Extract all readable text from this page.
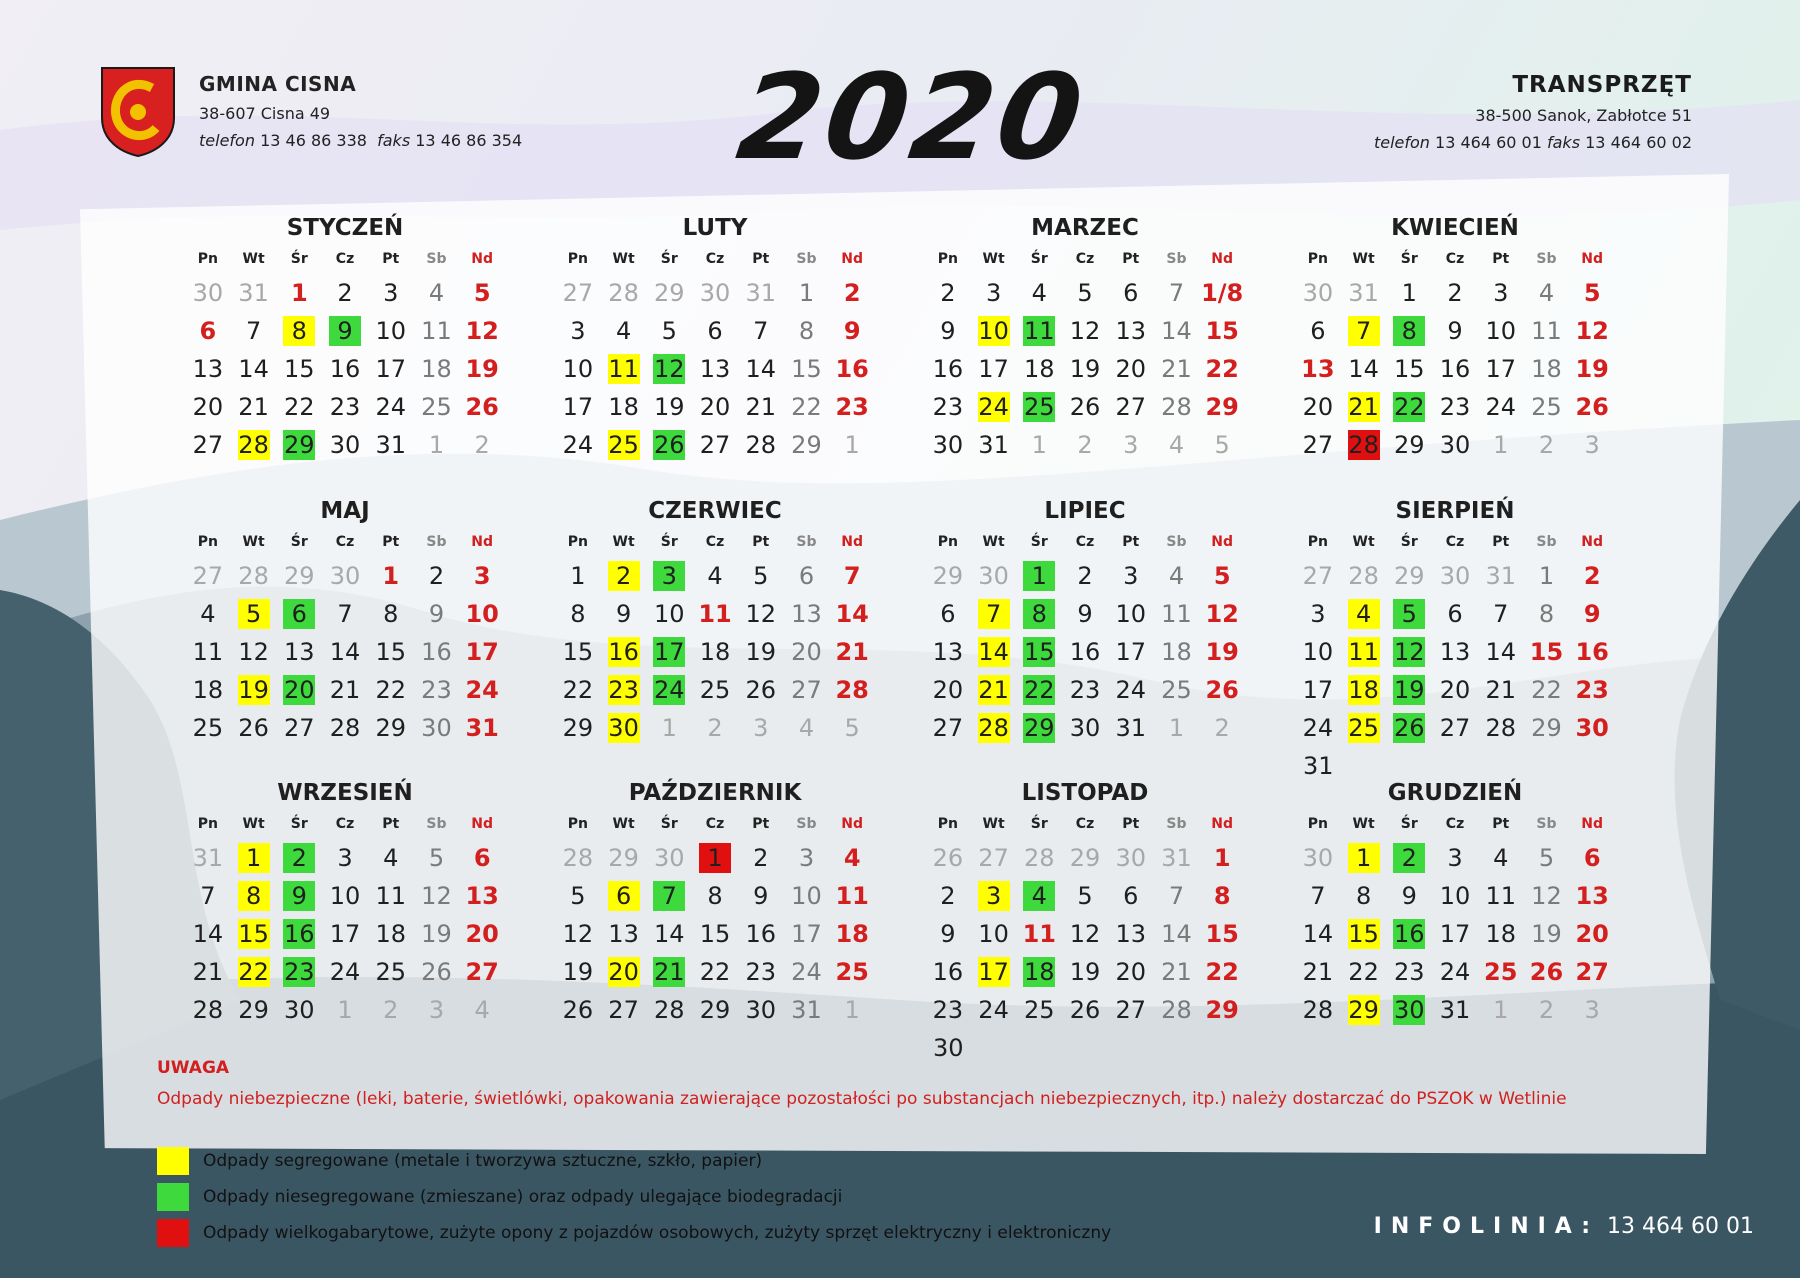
GMINA CISNA
38-607 Cisna 49
telefon 13 46 86 338 faks 13 46 86 354 2020	TRANSPRZĘT
38-500 Sanok, Zabłotce 51
telefon 13 464 60 01 faks 13 464 60 02
STYCZEŃ
Pn	Wt	Śr	Cz	Pt	Sb	Nd
30 31 1	2	3	4	5
6	7	8	9 10 11 12
13 14 15 16 17 18 19
20 21 22 23 24 25 26
27 28 29 30 31 1	2
LUTY
Pn	Wt	Śr	Cz	Pt	Sb	Nd
27 28 29 30 31 1	2
3	4	5	6	7	8	9
10 11 12 13 14 15 16
17 18 19 20 21 22 23
24 25 26 27 28 29 1
MARZEC
Pn	Wt	Śr	Cz	Pt	Sb	Nd
2	3	4	5	6	7 1/8
9 10 11 12 13 14 15
16 17 18 19 20 21 22
23 24 25 26 27 28 29
30 31 1	2	3	4	5
KWIECIEŃ
Pn	Wt	Śr	Cz	Pt	Sb	Nd
30 31 1	2	3	4	5
6	7	8	9 10 11 12
13 14 15 16 17 18 19
20 21 22 23 24 25 26
27 28 29 30 1	2	3
MAJ
Pn	Wt	Śr	Cz	Pt	Sb	Nd
27 28 29 30 1	2	3
4	5	6	7	8	9 10
11 12 13 14 15 16 17
18 19 20 21 22 23 24
25 26 27 28 29 30 31
CZERWIEC
Pn	Wt	Śr	Cz	Pt	Sb	Nd
1	2	3	4	5	6	7
8	9 10 11 12 13 14
15 16 17 18 19 20 21
22 23 24 25 26 27 28
29 30 1	2	3	4	5
LIPIEC
Pn	Wt	Śr	Cz	Pt	Sb	Nd
29 30 1	2	3	4	5
6	7	8	9 10 11 12
13 14 15 16 17 18 19
20 21 22 23 24 25 26
27 28 29 30 31 1	2
SIERPIEŃ
Pn	Wt	Śr	Cz	Pt	Sb	Nd
27 28 29 30 31 1	2
3	4	5	6	7	8	9
10 11 12 13 14 15 16
17 18 19 20 21 22 23
24 25 26 27 28 29 30
31
WRZESIEŃ
Pn	Wt	Śr	Cz	Pt	Sb	Nd
31 1	2	3	4	5	6
7	8	9 10 11 12 13
14 15 16 17 18 19 20
21 22 23 24 25 26 27
28 29 30 1	2	3	4
PAŹDZIERNIK
Pn	Wt	Śr	Cz	Pt	Sb	Nd
28 29 30 1	2	3	4
5	6	7	8	9 10 11
12 13 14 15 16 17 18
19 20 21 22 23 24 25
26 27 28 29 30 31 1
LISTOPAD
Pn	Wt	Śr	Cz	Pt	Sb	Nd
26 27 28 29 30 31 1
2	3	4	5	6	7	8
9 10 11 12 13 14 15
16 17 18 19 20 21 22
23 24 25 26 27 28 29
30
GRUDZIEŃ
Pn	Wt	Śr	Cz	Pt	Sb	Nd
30 1	2	3	4	5	6
7	8	9 10 11 12 13
14 15 16 17 18 19 20
21 22 23 24 25 26 27
28 29 30 31 1	2	3
UWAGA
Odpady niebezpieczne (leki, baterie, świetlówki, opakowania zawierające pozostałości po substancjach niebezpiecznych, itp.) należy dostarczać do PSZOK w Wetlinie
Odpady segregowane (metale i tworzywa sztuczne, szkło, papier)
Odpady niesegregowane (zmieszane) oraz odpady ulegające biodegradacji
Odpady wielkogabarytowe, zużyte opony z pojazdów osobowych, zużyty sprzęt elektryczny i elektroniczny	INFOLINIA: 13 464 60 01
